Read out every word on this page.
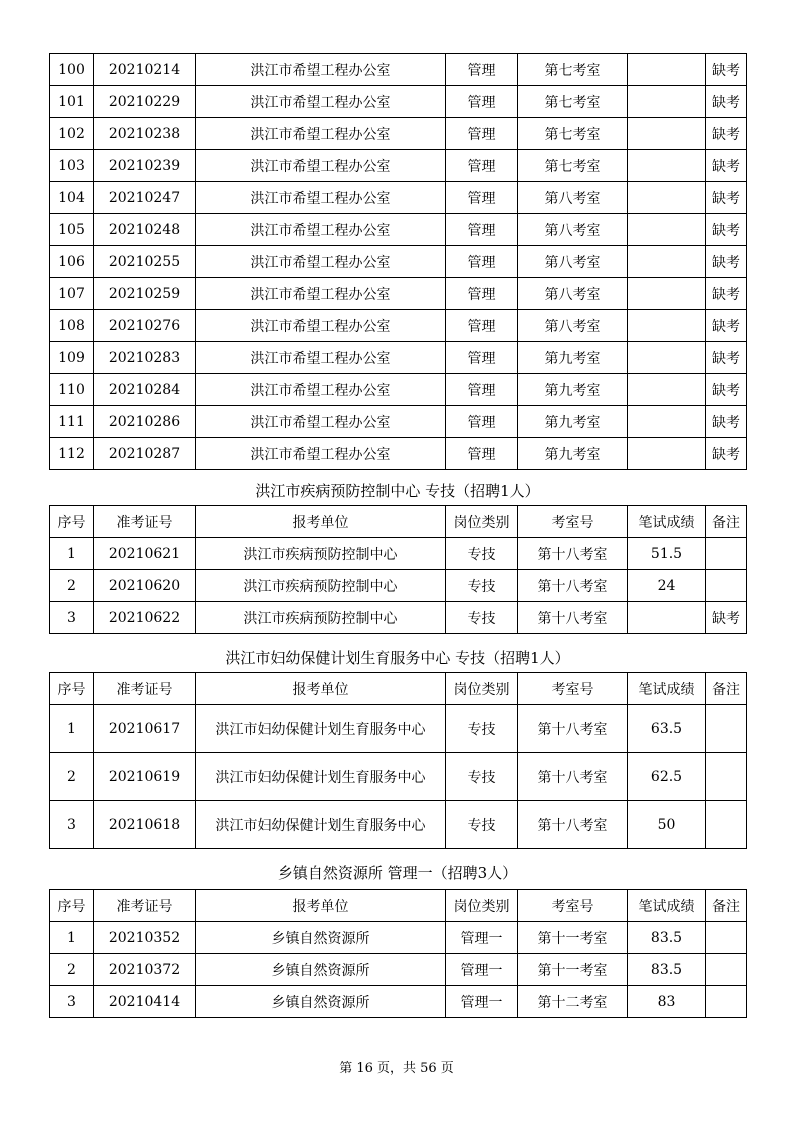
100	20210214	洪江市希望工程办公室	管理	第七考室		缺考
101	20210229	洪江市希望工程办公室	管理	第七考室		缺考
102	20210238	洪江市希望工程办公室	管理	第七考室		缺考
103	20210239	洪江市希望工程办公室	管理	第七考室		缺考
104	20210247	洪江市希望工程办公室	管理	第八考室		缺考
105	20210248	洪江市希望工程办公室	管理	第八考室		缺考
106	20210255	洪江市希望工程办公室	管理	第八考室		缺考
107	20210259	洪江市希望工程办公室	管理	第八考室		缺考
108	20210276	洪江市希望工程办公室	管理	第八考室		缺考
109	20210283	洪江市希望工程办公室	管理	第九考室		缺考
110	20210284	洪江市希望工程办公室	管理	第九考室		缺考
111	20210286	洪江市希望工程办公室	管理	第九考室		缺考
112	20210287	洪江市希望工程办公室	管理	第九考室		缺考
洪江市疾病预防控制中心 专技（招聘1人）
序号	准考证号	报考单位	岗位类别	考室号	笔试成绩	备注
1	20210621	洪江市疾病预防控制中心	专技	第十八考室	51.5	
2	20210620	洪江市疾病预防控制中心	专技	第十八考室	24	
3	20210622	洪江市疾病预防控制中心	专技	第十八考室		缺考
洪江市妇幼保健计划生育服务中心 专技（招聘1人）
序号	准考证号	报考单位	岗位类别	考室号	笔试成绩	备注
1	20210617	洪江市妇幼保健计划生育服务中心	专技	第十八考室	63.5	
2	20210619	洪江市妇幼保健计划生育服务中心	专技	第十八考室	62.5	
3	20210618	洪江市妇幼保健计划生育服务中心	专技	第十八考室	50	
乡镇自然资源所 管理一（招聘3人）
序号	准考证号	报考单位	岗位类别	考室号	笔试成绩	备注
1	20210352	乡镇自然资源所	管理一	第十一考室	83.5	
2	20210372	乡镇自然资源所	管理一	第十一考室	83.5	
3	20210414	乡镇自然资源所	管理一	第十二考室	83	
第 16 页，共 56 页
